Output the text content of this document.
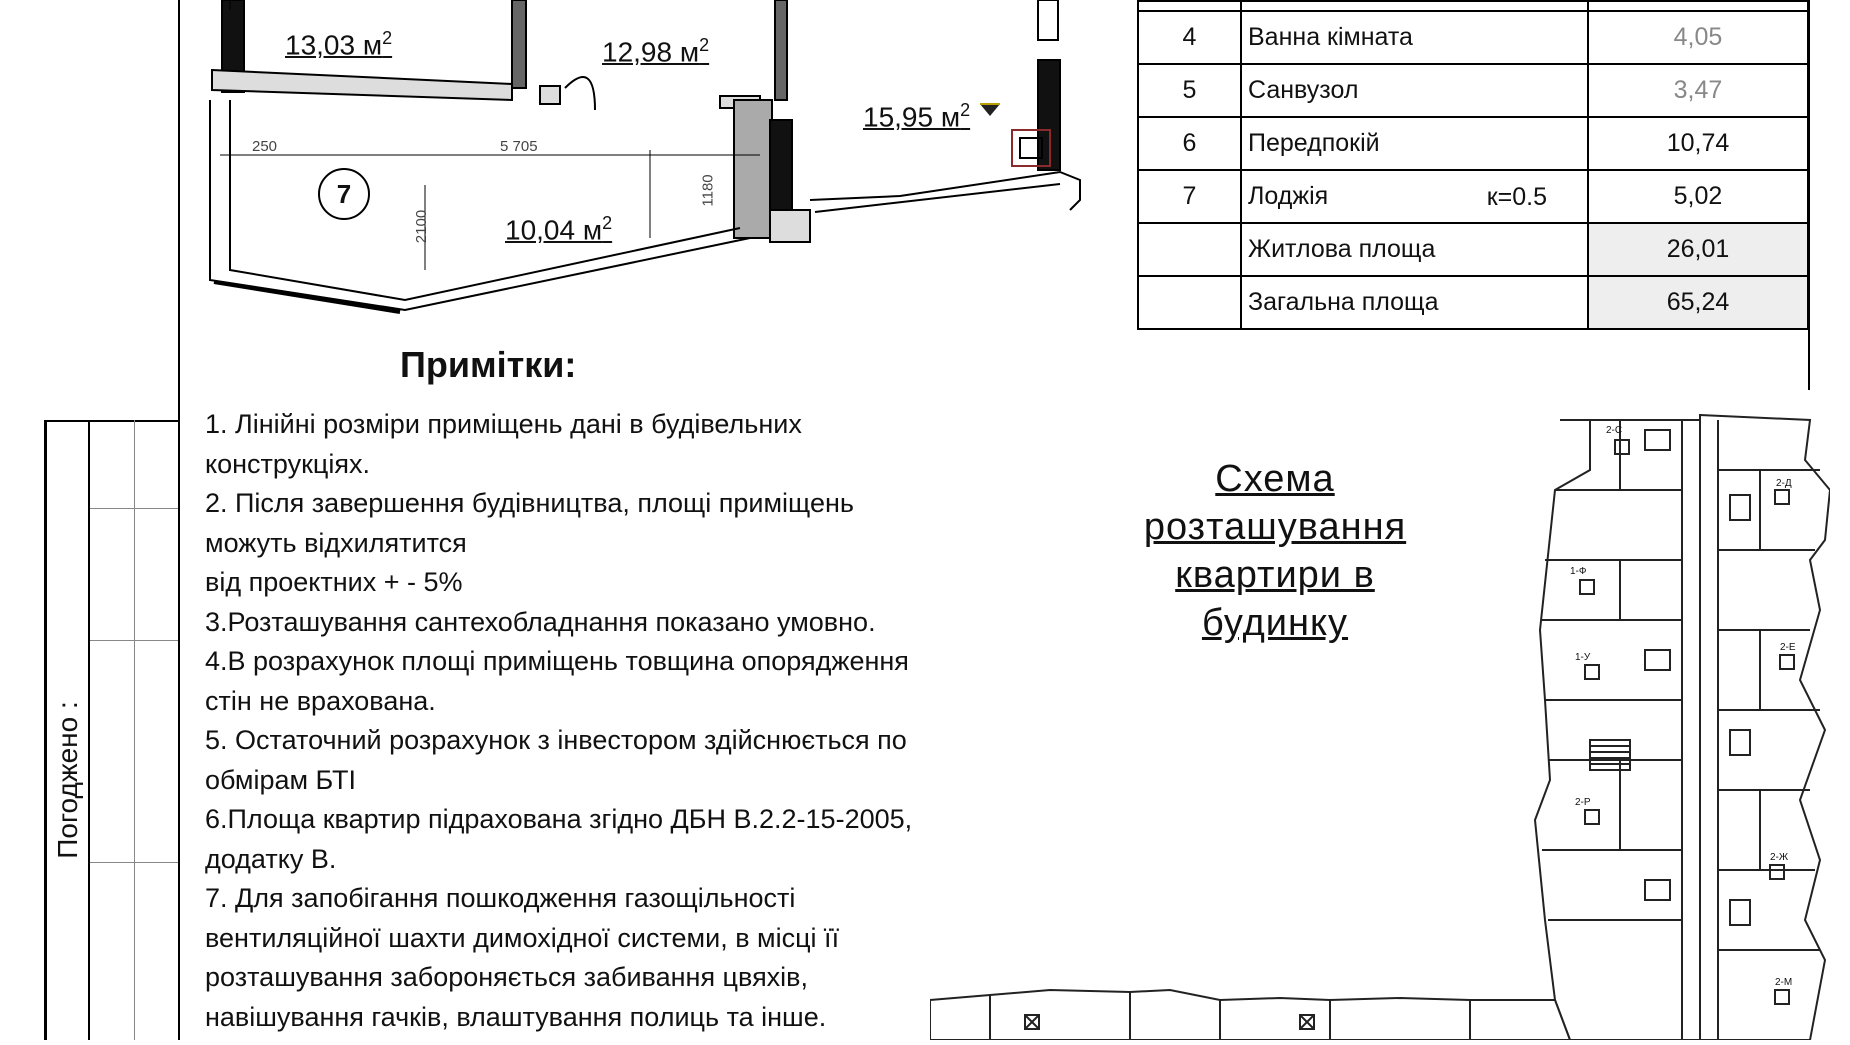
Погоджено :
13,03 $м^2$	12,98 $м^2$
15,95 $м^2$
10,04 $м^2$
7
250	5 705
2100
1180

4	Ванна кімната	4,05
5	Санвузол	3,47
6	Передпокій	10,74
7	Лоджія к=0.5	5,02
	Житлова площа	26,01
	Загальна площа	65,24
Примітки:
1. Лінійні розміри приміщень дані в будівельних конструкціях.
2. Після завершення будівництва, площі приміщень можуть відхилятится
від проектних + - 5%
3.Розташування сантехобладнання показано умовно.
4.В розрахунок площі приміщень товщина опорядження стін не врахована.
5. Остаточний розрахунок з інвестором здійснюється по обмірам БТІ
6.Площа квартир підрахована згідно ДБН В.2.2-15-2005, додатку В.
7. Для запобігання пошкодження газощільності вентиляційної шахти димохідної системи, в місці її розташування забороняється забивання цвяхів, навішування гачків, влаштування полиць та інше.
Схема
розташування
квартири в
будинку
2-С
2-Д
1-Ф
1-У
2-Е
2-Р
2-Ж
2-М
